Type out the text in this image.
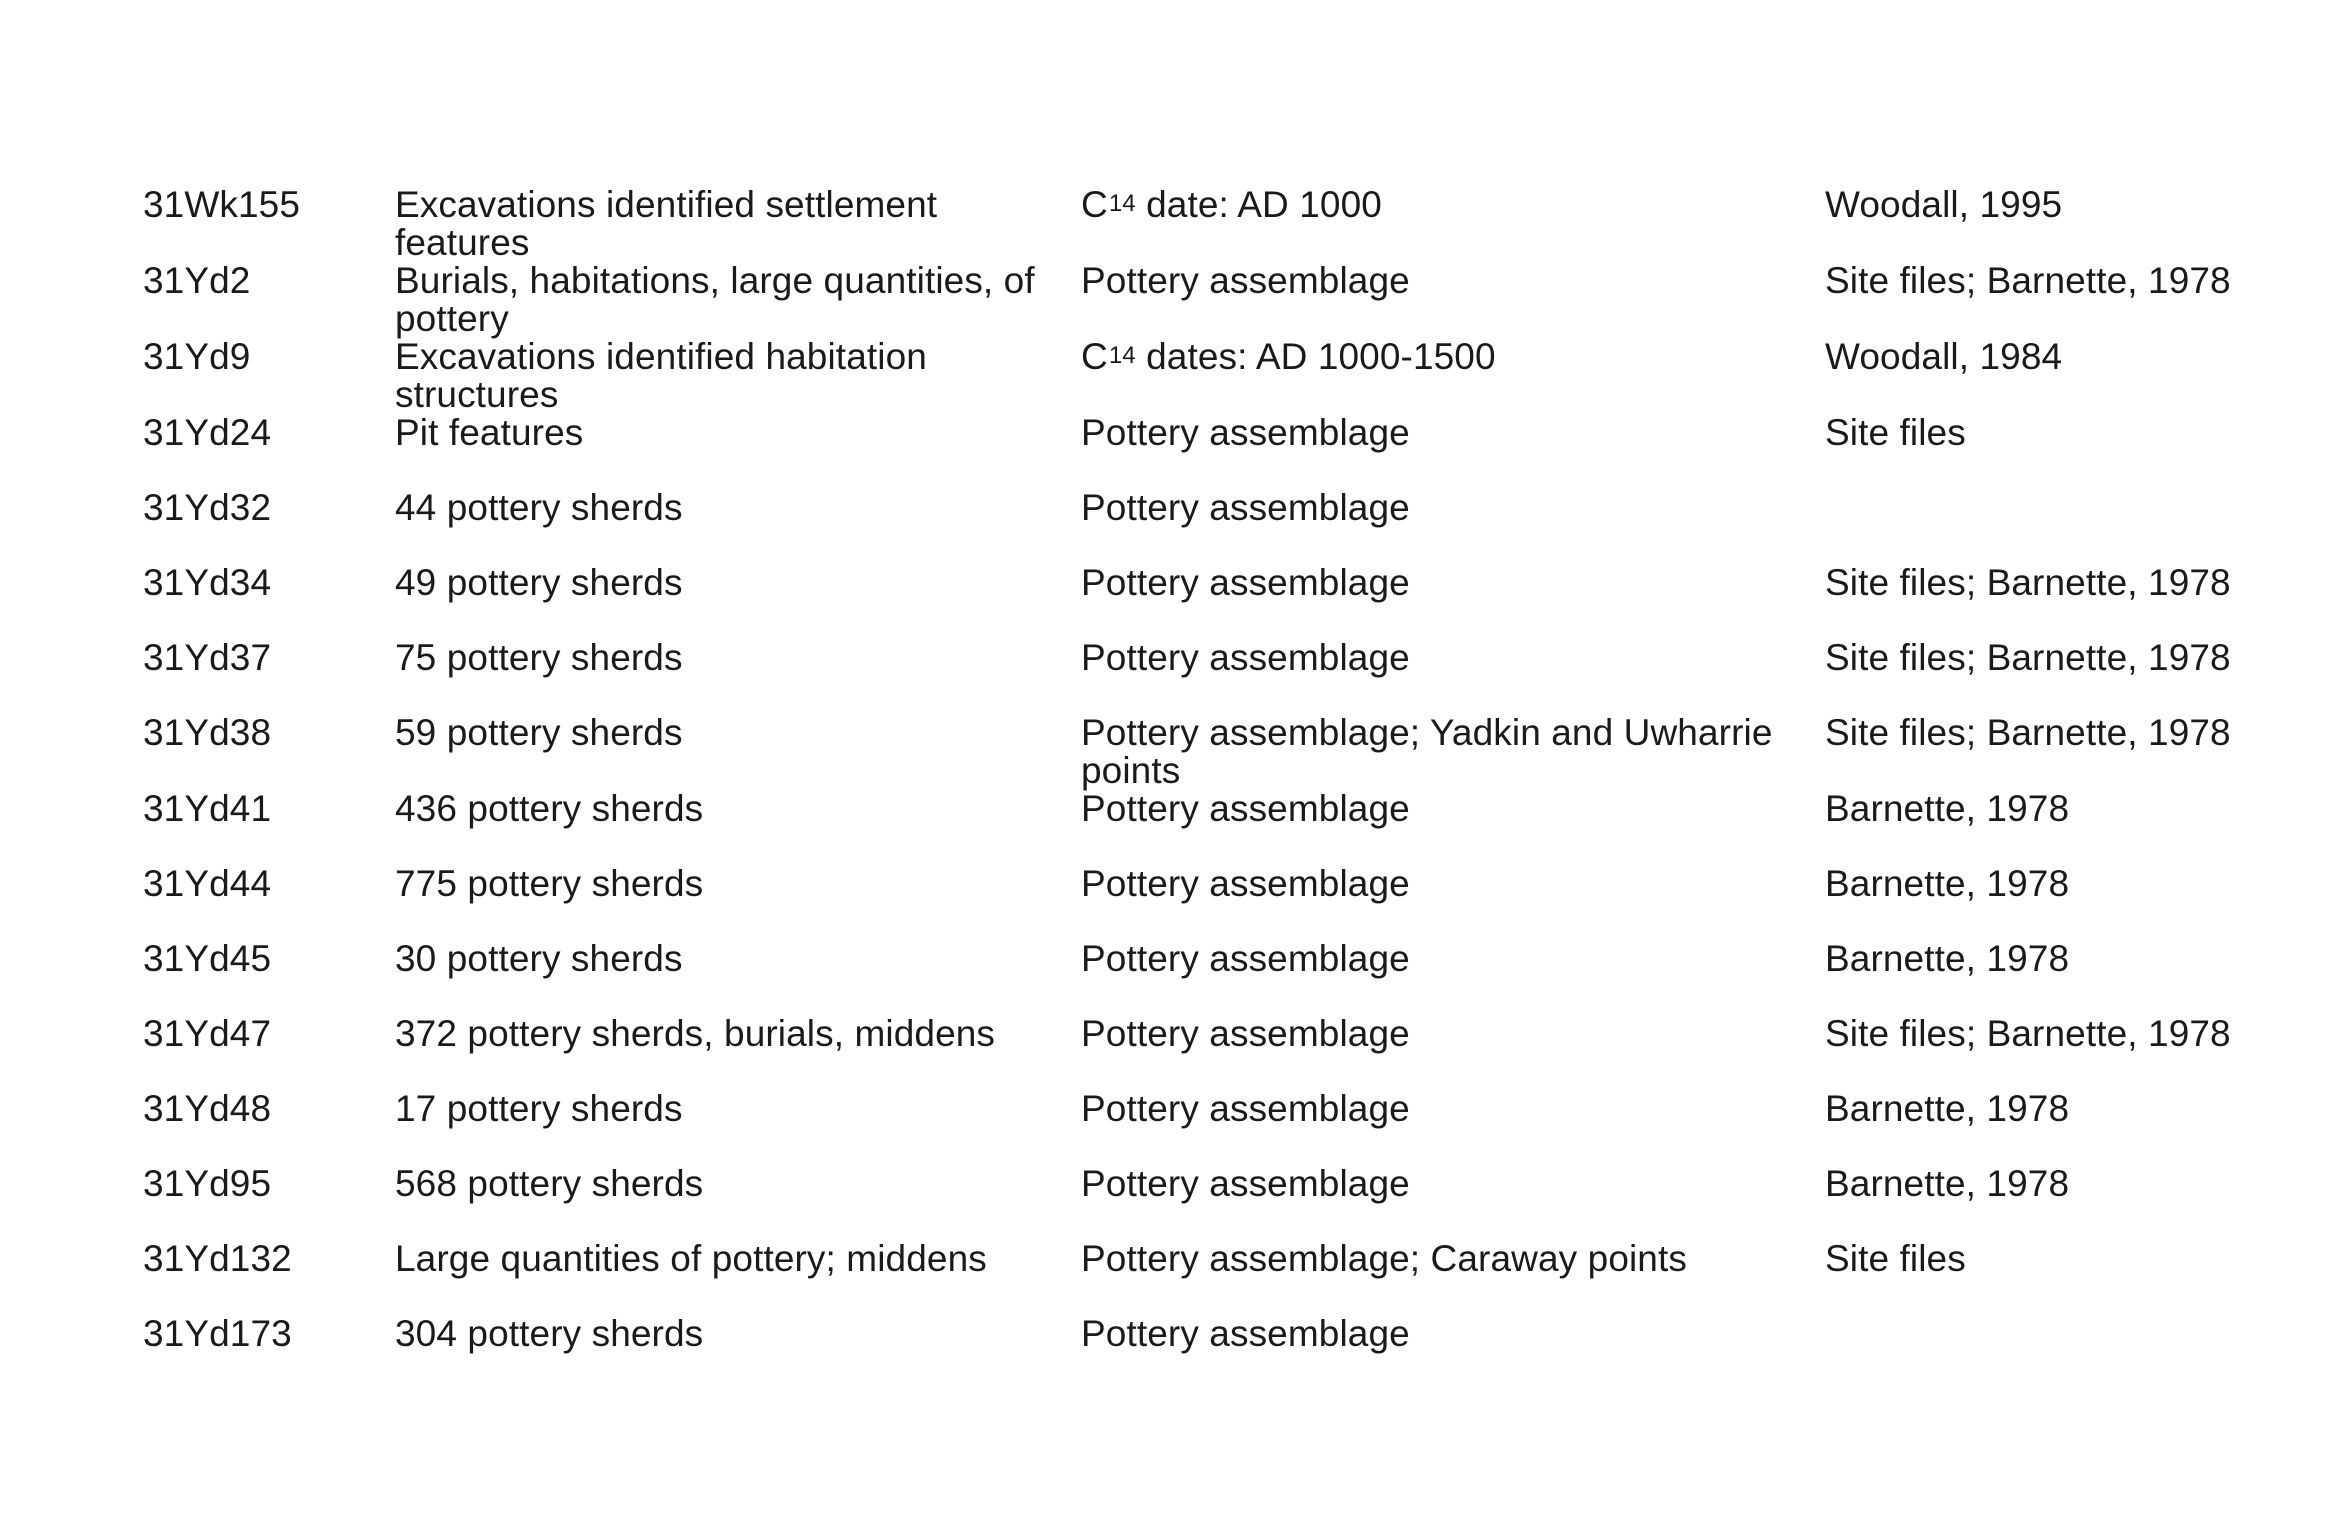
31Wk155	Excavations identified settlement features	$C^{14}$ date: AD 1000	Woodall, 1995

31Yd2	Burials, habitations, large quantities, of pottery	Pottery assemblage	Site files; Barnette, 1978

31Yd9	Excavations identified habitation structures	$C^{14}$ dates: AD 1000-1500	Woodall, 1984

31Yd24	Pit features	Pottery assemblage	Site files

31Yd32	44 pottery sherds	Pottery assemblage	

31Yd34	49 pottery sherds	Pottery assemblage	Site files; Barnette, 1978

31Yd37	75 pottery sherds	Pottery assemblage	Site files; Barnette, 1978

31Yd38	59 pottery sherds	Pottery assemblage; Yadkin and Uwharrie points	Site files; Barnette, 1978

31Yd41	436 pottery sherds	Pottery assemblage	Barnette, 1978

31Yd44	775 pottery sherds	Pottery assemblage	Barnette, 1978

31Yd45	30 pottery sherds	Pottery assemblage	Barnette, 1978

31Yd47	372 pottery sherds, burials, middens	Pottery assemblage	Site files; Barnette, 1978

31Yd48	17 pottery sherds	Pottery assemblage	Barnette, 1978

31Yd95	568 pottery sherds	Pottery assemblage	Barnette, 1978

31Yd132	Large quantities of pottery; middens	Pottery assemblage; Caraway points	Site files

31Yd173	304 pottery sherds	Pottery assemblage	
